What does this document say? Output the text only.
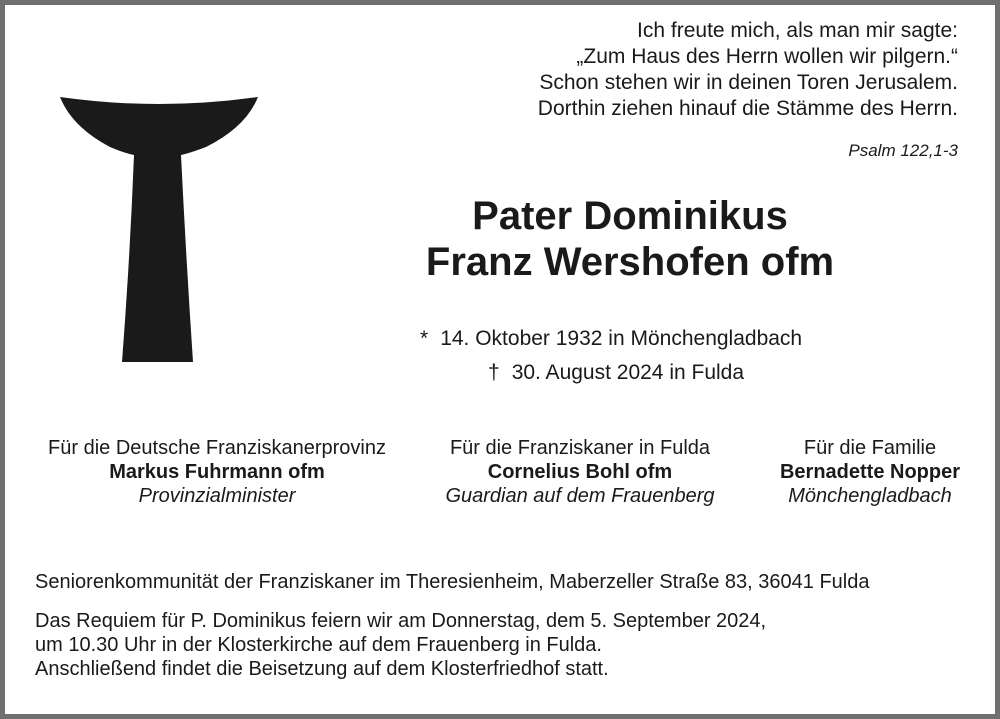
Ich freute mich, als man mir sagte:
„Zum Haus des Herrn wollen wir pilgern.“
Schon stehen wir in deinen Toren Jerusalem.
Dorthin ziehen hinauf die Stämme des Herrn.
Psalm 122,1-3
Pater Dominikus
Franz Wershofen ofm
* 14. Oktober 1932 in Mönchengladbach
† 30. August 2024 in Fulda
Für die Deutsche Franziskanerprovinz
Markus Fuhrmann ofm
Provinzialminister
Für die Franziskaner in Fulda
Cornelius Bohl ofm
Guardian auf dem Frauenberg
Für die Familie
Bernadette Nopper
Mönchengladbach
Seniorenkommunität der Franziskaner im Theresienheim, Maberzeller Straße 83, 36041 Fulda
Das Requiem für P. Dominikus feiern wir am Donnerstag, dem 5. September 2024,
um 10.30 Uhr in der Klosterkirche auf dem Frauenberg in Fulda.
Anschließend findet die Beisetzung auf dem Klosterfriedhof statt.
